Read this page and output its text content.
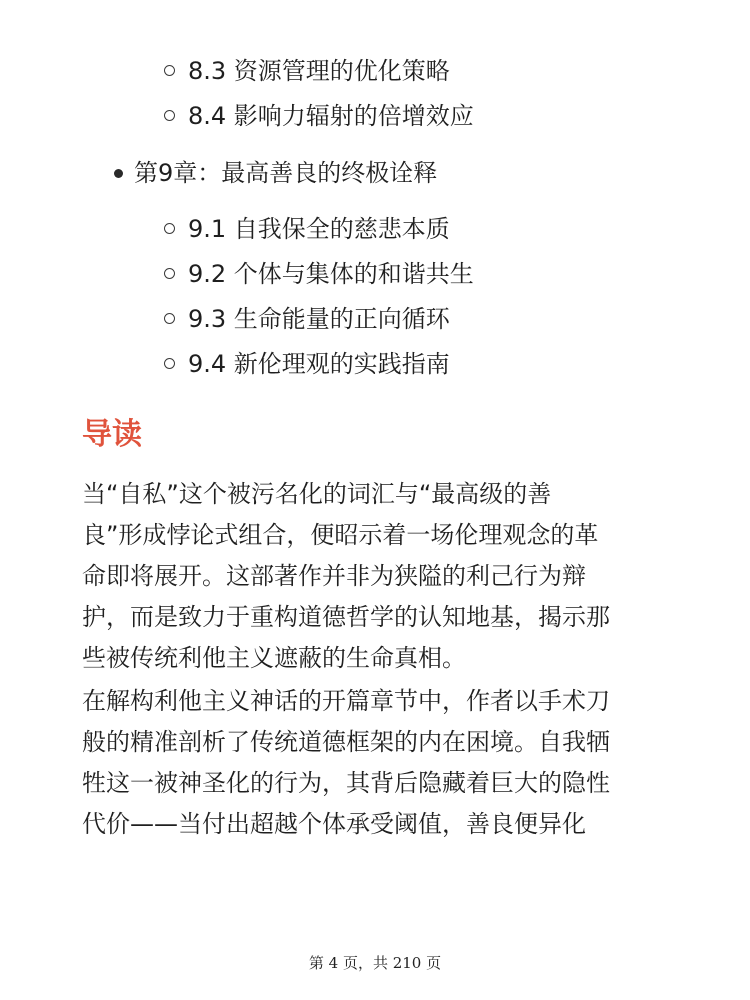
8.3 资源管理的优化策略
8.4 影响力辐射的倍增效应
第9章：最高善良的终极诠释
9.1 自我保全的慈悲本质
9.2 个体与集体的和谐共生
9.3 生命能量的正向循环
9.4 新伦理观的实践指南
导读

当“自私”这个被污名化的词汇与“最高级的善
良”形成悖论式组合，便昭示着一场伦理观念的革
命即将展开。这部著作并非为狭隘的利己行为辩
护，而是致力于重构道德哲学的认知地基，揭示那
些被传统利他主义遮蔽的生命真相。

在解构利他主义神话的开篇章节中，作者以手术刀
般的精准剖析了传统道德框架的内在困境。自我牺
牲这一被神圣化的行为，其背后隐藏着巨大的隐性
代价——当付出超越个体承受阈值，善良便异化

第 4 页，共 210 页
